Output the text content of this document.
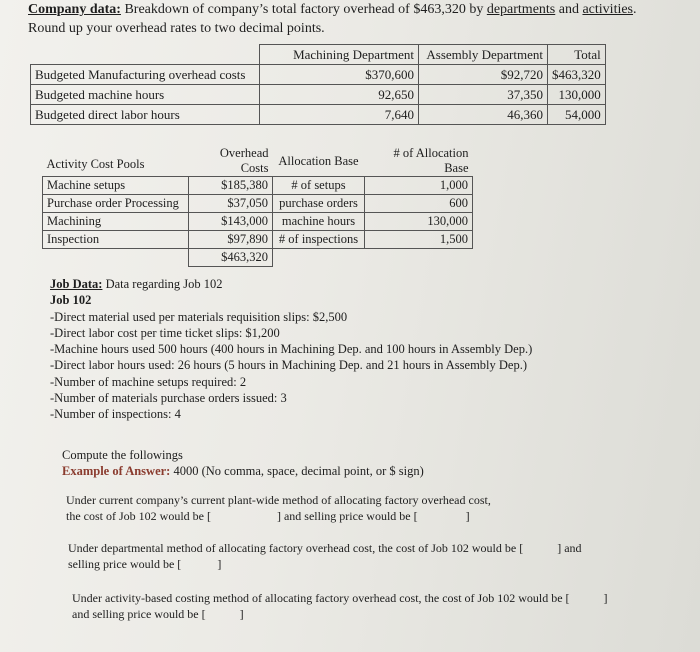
Company data: Breakdown of company’s total factory overhead of $463,320 by departments and activities.
Round up your overhead rates to two decimal points.
	Machining Department	Assembly Department	Total
Budgeted Manufacturing overhead costs	$370,600	$92,720	$463,320
Budgeted machine hours	92,650	37,350	130,000
Budgeted direct labor hours	7,640	46,360	54,000
Activity Cost Pools	Overhead Costs	Allocation Base	# of Allocation Base
Machine setups	$185,380	# of setups	1,000
Purchase order Processing	$37,050	purchase orders	600
Machining	$143,000	machine hours	130,000
Inspection	$97,890	# of inspections	1,500
	$463,320		
Job Data: Data regarding Job 102
Job 102
-Direct material used per materials requisition slips: $2,500
-Direct labor cost per time ticket slips: $1,200
-Machine hours used 500 hours (400 hours in Machining Dep. and 100 hours in Assembly Dep.)
-Direct labor hours used: 26 hours (5 hours in Machining Dep. and 21 hours in Assembly Dep.)
-Number of machine setups required: 2
-Number of materials purchase orders issued: 3
-Number of inspections: 4
Compute the followings
Example of Answer: 4000 (No comma, space, decimal point, or $ sign)
Under current company’s current plant-wide method of allocating factory overhead cost,
the cost of Job 102 would be [	] and selling price would be [	]
Under departmental method of allocating factory overhead cost, the cost of Job 102 would be [	] and
selling price would be [	]
Under activity-based costing method of allocating factory overhead cost, the cost of Job 102 would be [	]
and selling price would be [	]
